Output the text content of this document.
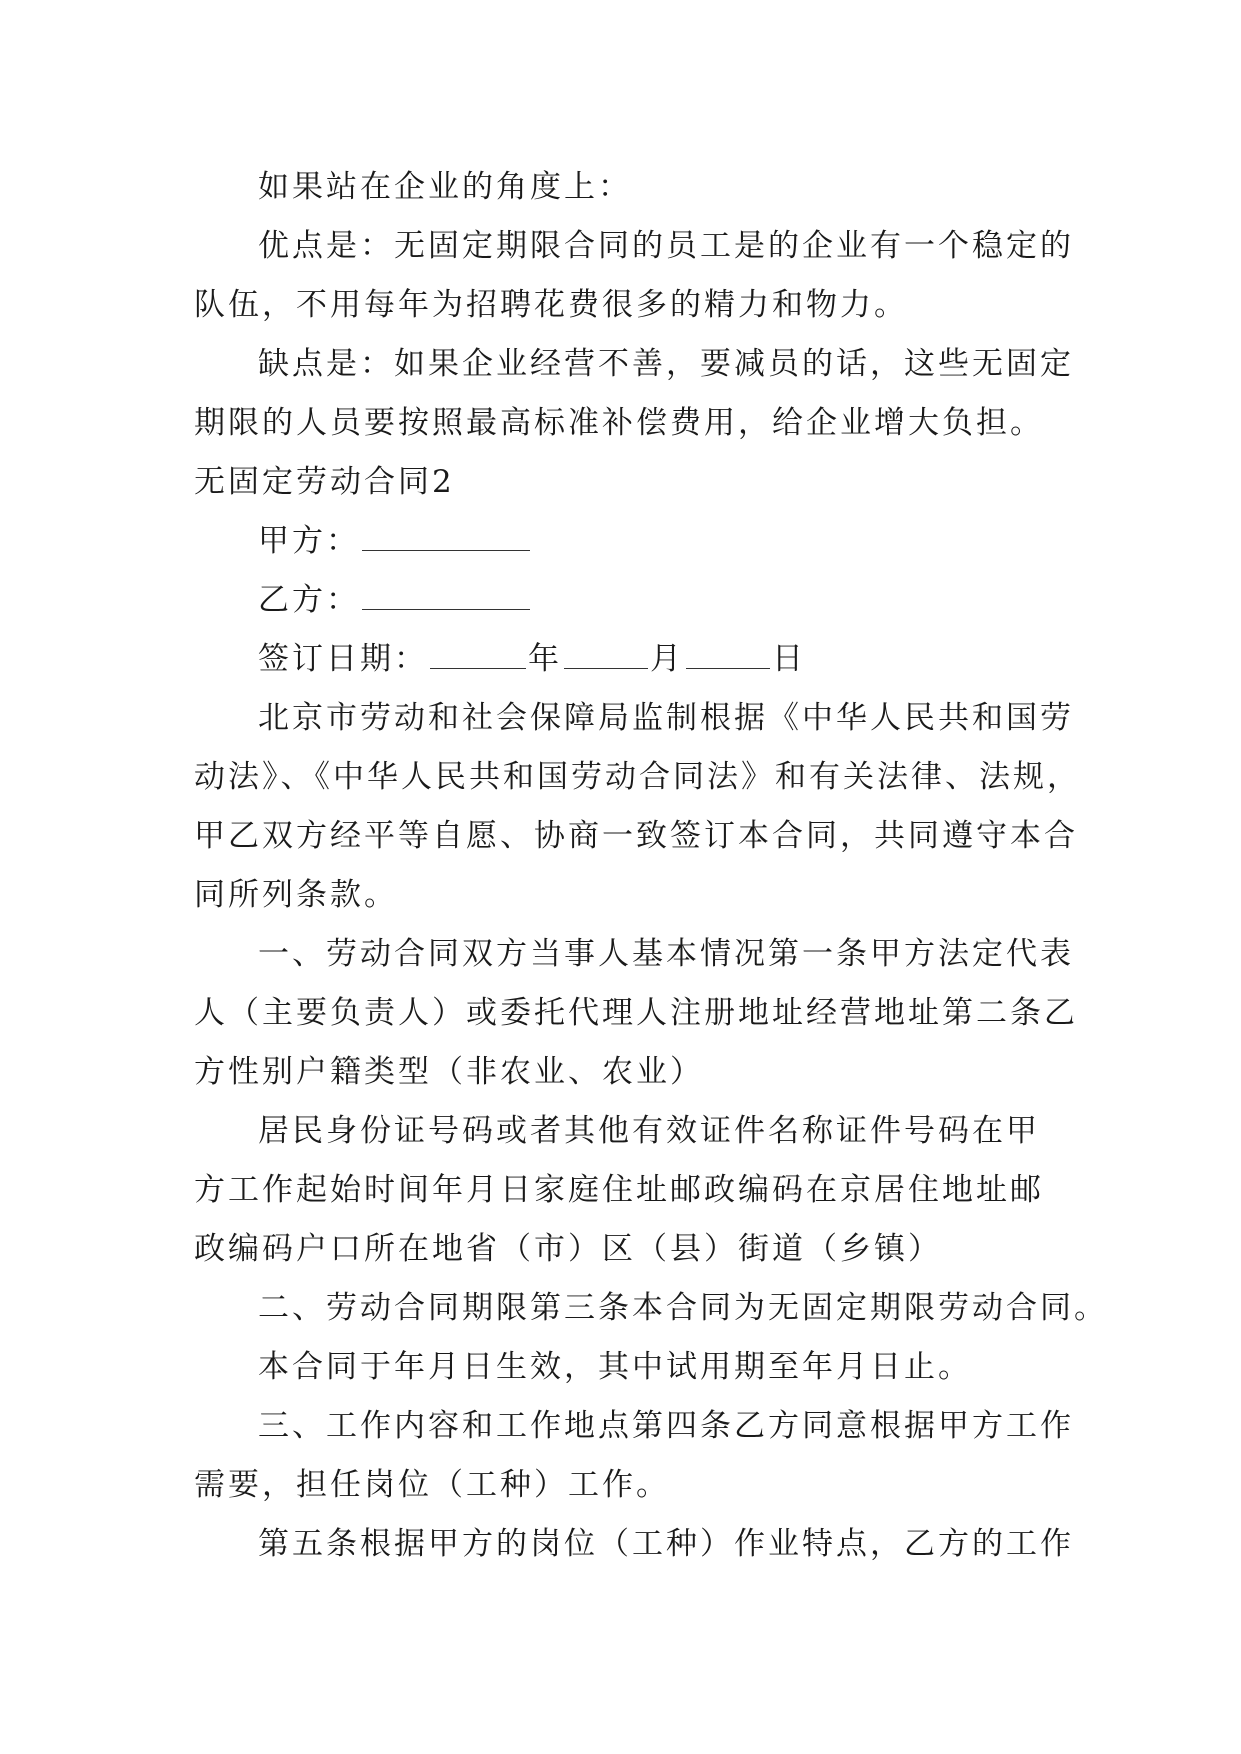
如果站在企业的角度上：
优点是：无固定期限合同的员工是的企业有一个稳定的
队伍，不用每年为招聘花费很多的精力和物力。
缺点是：如果企业经营不善，要减员的话，这些无固定
期限的人员要按照最高标准补偿费用，给企业增大负担。
无固定劳动合同2
甲方：
乙方：
签订日期：	年	月	日
北京市劳动和社会保障局监制根据《中华人民共和国劳
动法》、《中华人民共和国劳动合同法》和有关法律、法规，
甲乙双方经平等自愿、协商一致签订本合同，共同遵守本合
同所列条款。
一、劳动合同双方当事人基本情况第一条甲方法定代表
人（主要负责人）或委托代理人注册地址经营地址第二条乙
方性别户籍类型（非农业、农业）
居民身份证号码或者其他有效证件名称证件号码在甲
方工作起始时间年月日家庭住址邮政编码在京居住地址邮
政编码户口所在地省（市）区（县）街道（乡镇）
二、劳动合同期限第三条本合同为无固定期限劳动合同。
本合同于年月日生效，其中试用期至年月日止。
三、工作内容和工作地点第四条乙方同意根据甲方工作
需要，担任岗位（工种）工作。
第五条根据甲方的岗位（工种）作业特点，乙方的工作
